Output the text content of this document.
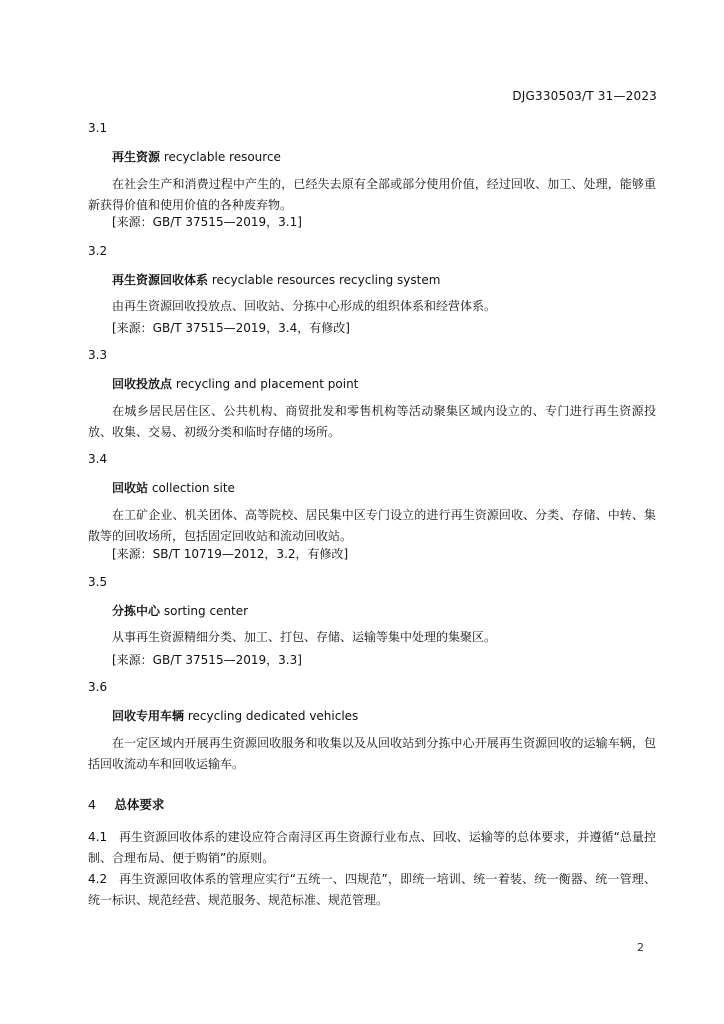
DJG330503/T 31—2023
3.1
再生资源 recyclable resource
在社会生产和消费过程中产生的，已经失去原有全部或部分使用价值，经过回收、加工、处理，能够重新获得价值和使用价值的各种废弃物。
[来源：GB/T 37515—2019，3.1]
3.2
再生资源回收体系 recyclable resources recycling system
由再生资源回收投放点、回收站、分拣中心形成的组织体系和经营体系。
[来源：GB/T 37515—2019，3.4，有修改]
3.3
回收投放点 recycling and placement point
在城乡居民居住区、公共机构、商贸批发和零售机构等活动聚集区域内设立的、专门进行再生资源投放、收集、交易、初级分类和临时存储的场所。
3.4
回收站 collection site
在工矿企业、机关团体、高等院校、居民集中区专门设立的进行再生资源回收、分类、存储、中转、集散等的回收场所，包括固定回收站和流动回收站。
[来源：SB/T 10719—2012，3.2，有修改]
3.5
分拣中心 sorting center
从事再生资源精细分类、加工、打包、存储、运输等集中处理的集聚区。
[来源：GB/T 37515—2019，3.3]
3.6
回收专用车辆 recycling dedicated vehicles
在一定区域内开展再生资源回收服务和收集以及从回收站到分拣中心开展再生资源回收的运输车辆，包括回收流动车和回收运输车。
4 总体要求
4.1 再生资源回收体系的建设应符合南浔区再生资源行业布点、回收、运输等的总体要求，并遵循“总量控制、合理布局、便于购销”的原则。
4.2 再生资源回收体系的管理应实行“五统一、四规范”，即统一培训、统一着装、统一衡器、统一管理、统一标识、规范经营、规范服务、规范标准、规范管理。
2
